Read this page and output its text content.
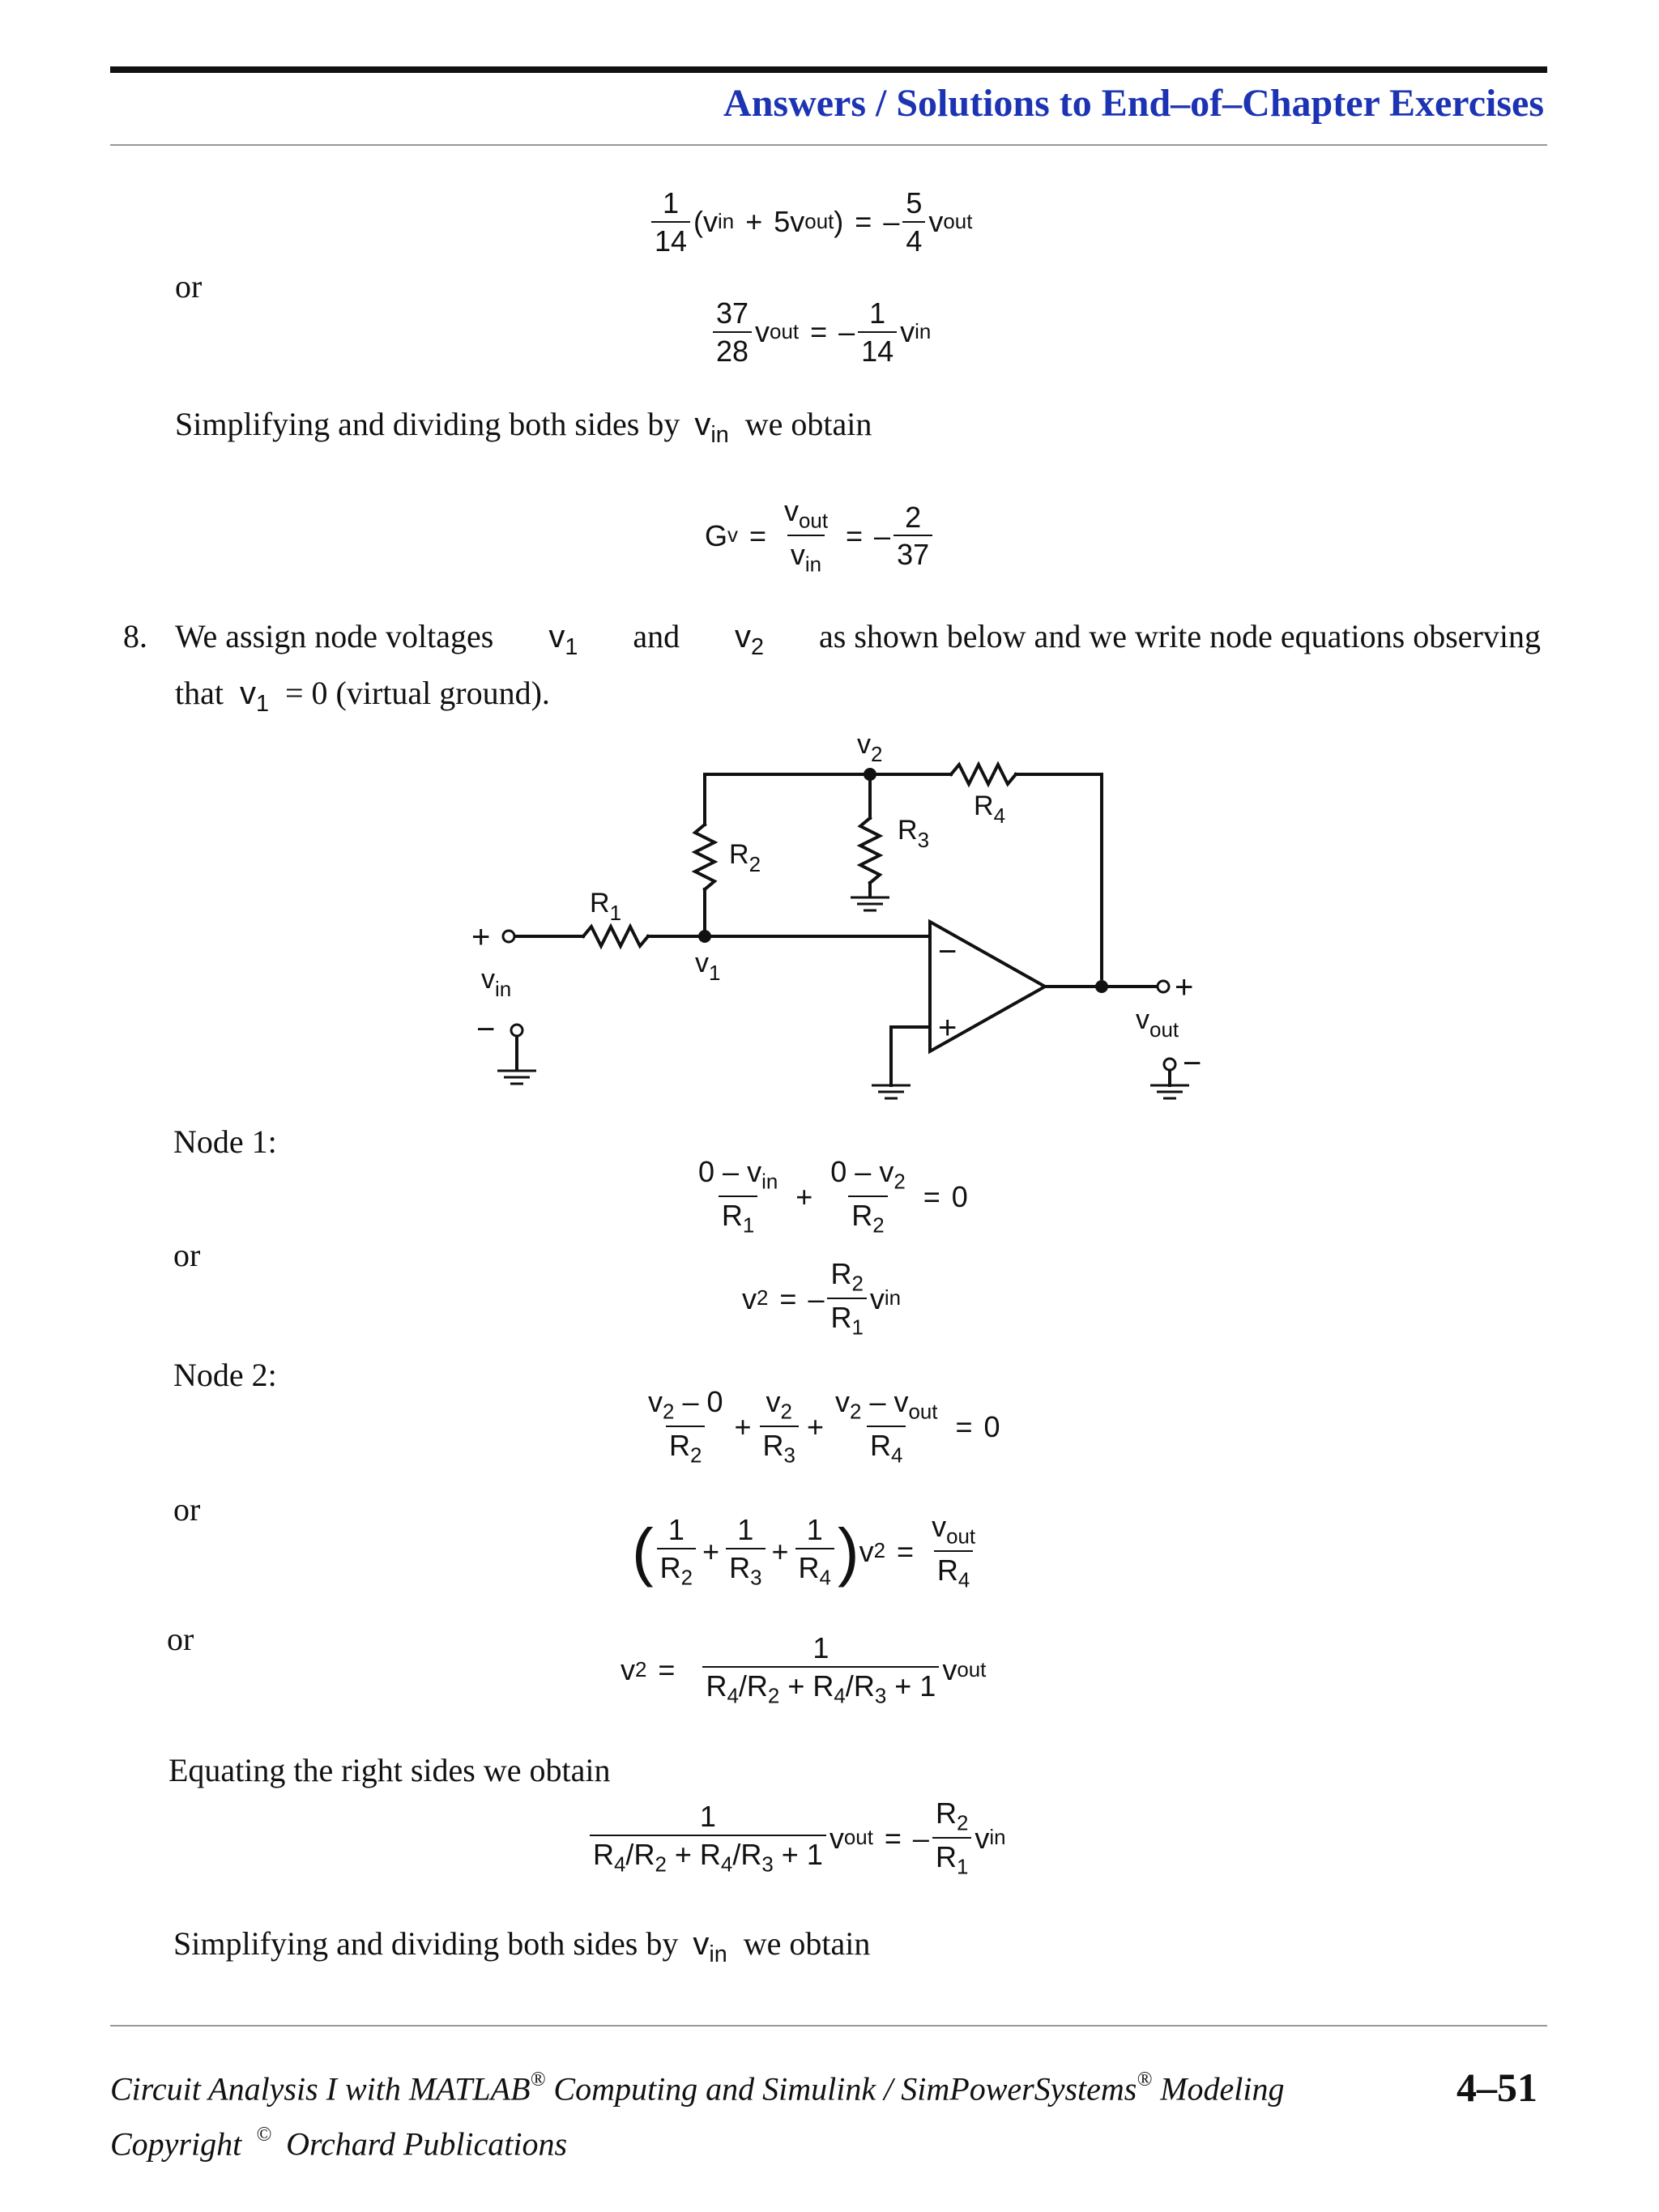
Answers / Solutions to End–of–Chapter Exercises
$\frac{1}{14}$ ( v in + 5 v out ) = – $\frac{5}{4}$ v out
or
$\frac{37}{28}$ v out = – $\frac{1}{14}$ v in
Simplifying and dividing both sides by $v_{in}$ we obtain
G $v = \frac{v_{out}}{v_{in}}$ = – $\frac{2}{37}$
8. We assign node voltages $v_1$ and $v_2$ as shown below and we write node equations observing
that $v_1 = 0$ (virtual ground).
−
+
$v_2$
$R_4$
$R_3$
$R_2$
$R_1$
$v_1$
+
$v_{in}$
−
+
$v_{out}$
−
Node 1:
$\frac{0 - v_{in}}{R_1} + \frac{0 - v_2}{R_2} = 0$
or
v 2 = – $\frac{R_2}{R_1}$ v in
Node 2:
$\frac{v_2 - 0}{R_2} + \frac{v_2}{R_3} + \frac{v_2 - v_{out}}{R_4} = 0$
or
( $\frac{1}{R_2} + \frac{1}{R_3} + \frac{1}{R_4}$ ) v $2 = \frac{v_{out}}{R_4}$
or
v $2 = \frac{1}{R_4/R_2 + R_4/R_3 + 1}$ v out
Equating the right sides we obtain
$\frac{1}{R_4/R_2 + R_4/R_3 + 1}$ v out = – $\frac{R_2}{R_1}$ v in
Simplifying and dividing both sides by $v_{in}$ we obtain
Circuit Analysis I with MATLAB® Computing and Simulink / SimPowerSystems® Modeling	4–51
Copyright © Orchard Publications
